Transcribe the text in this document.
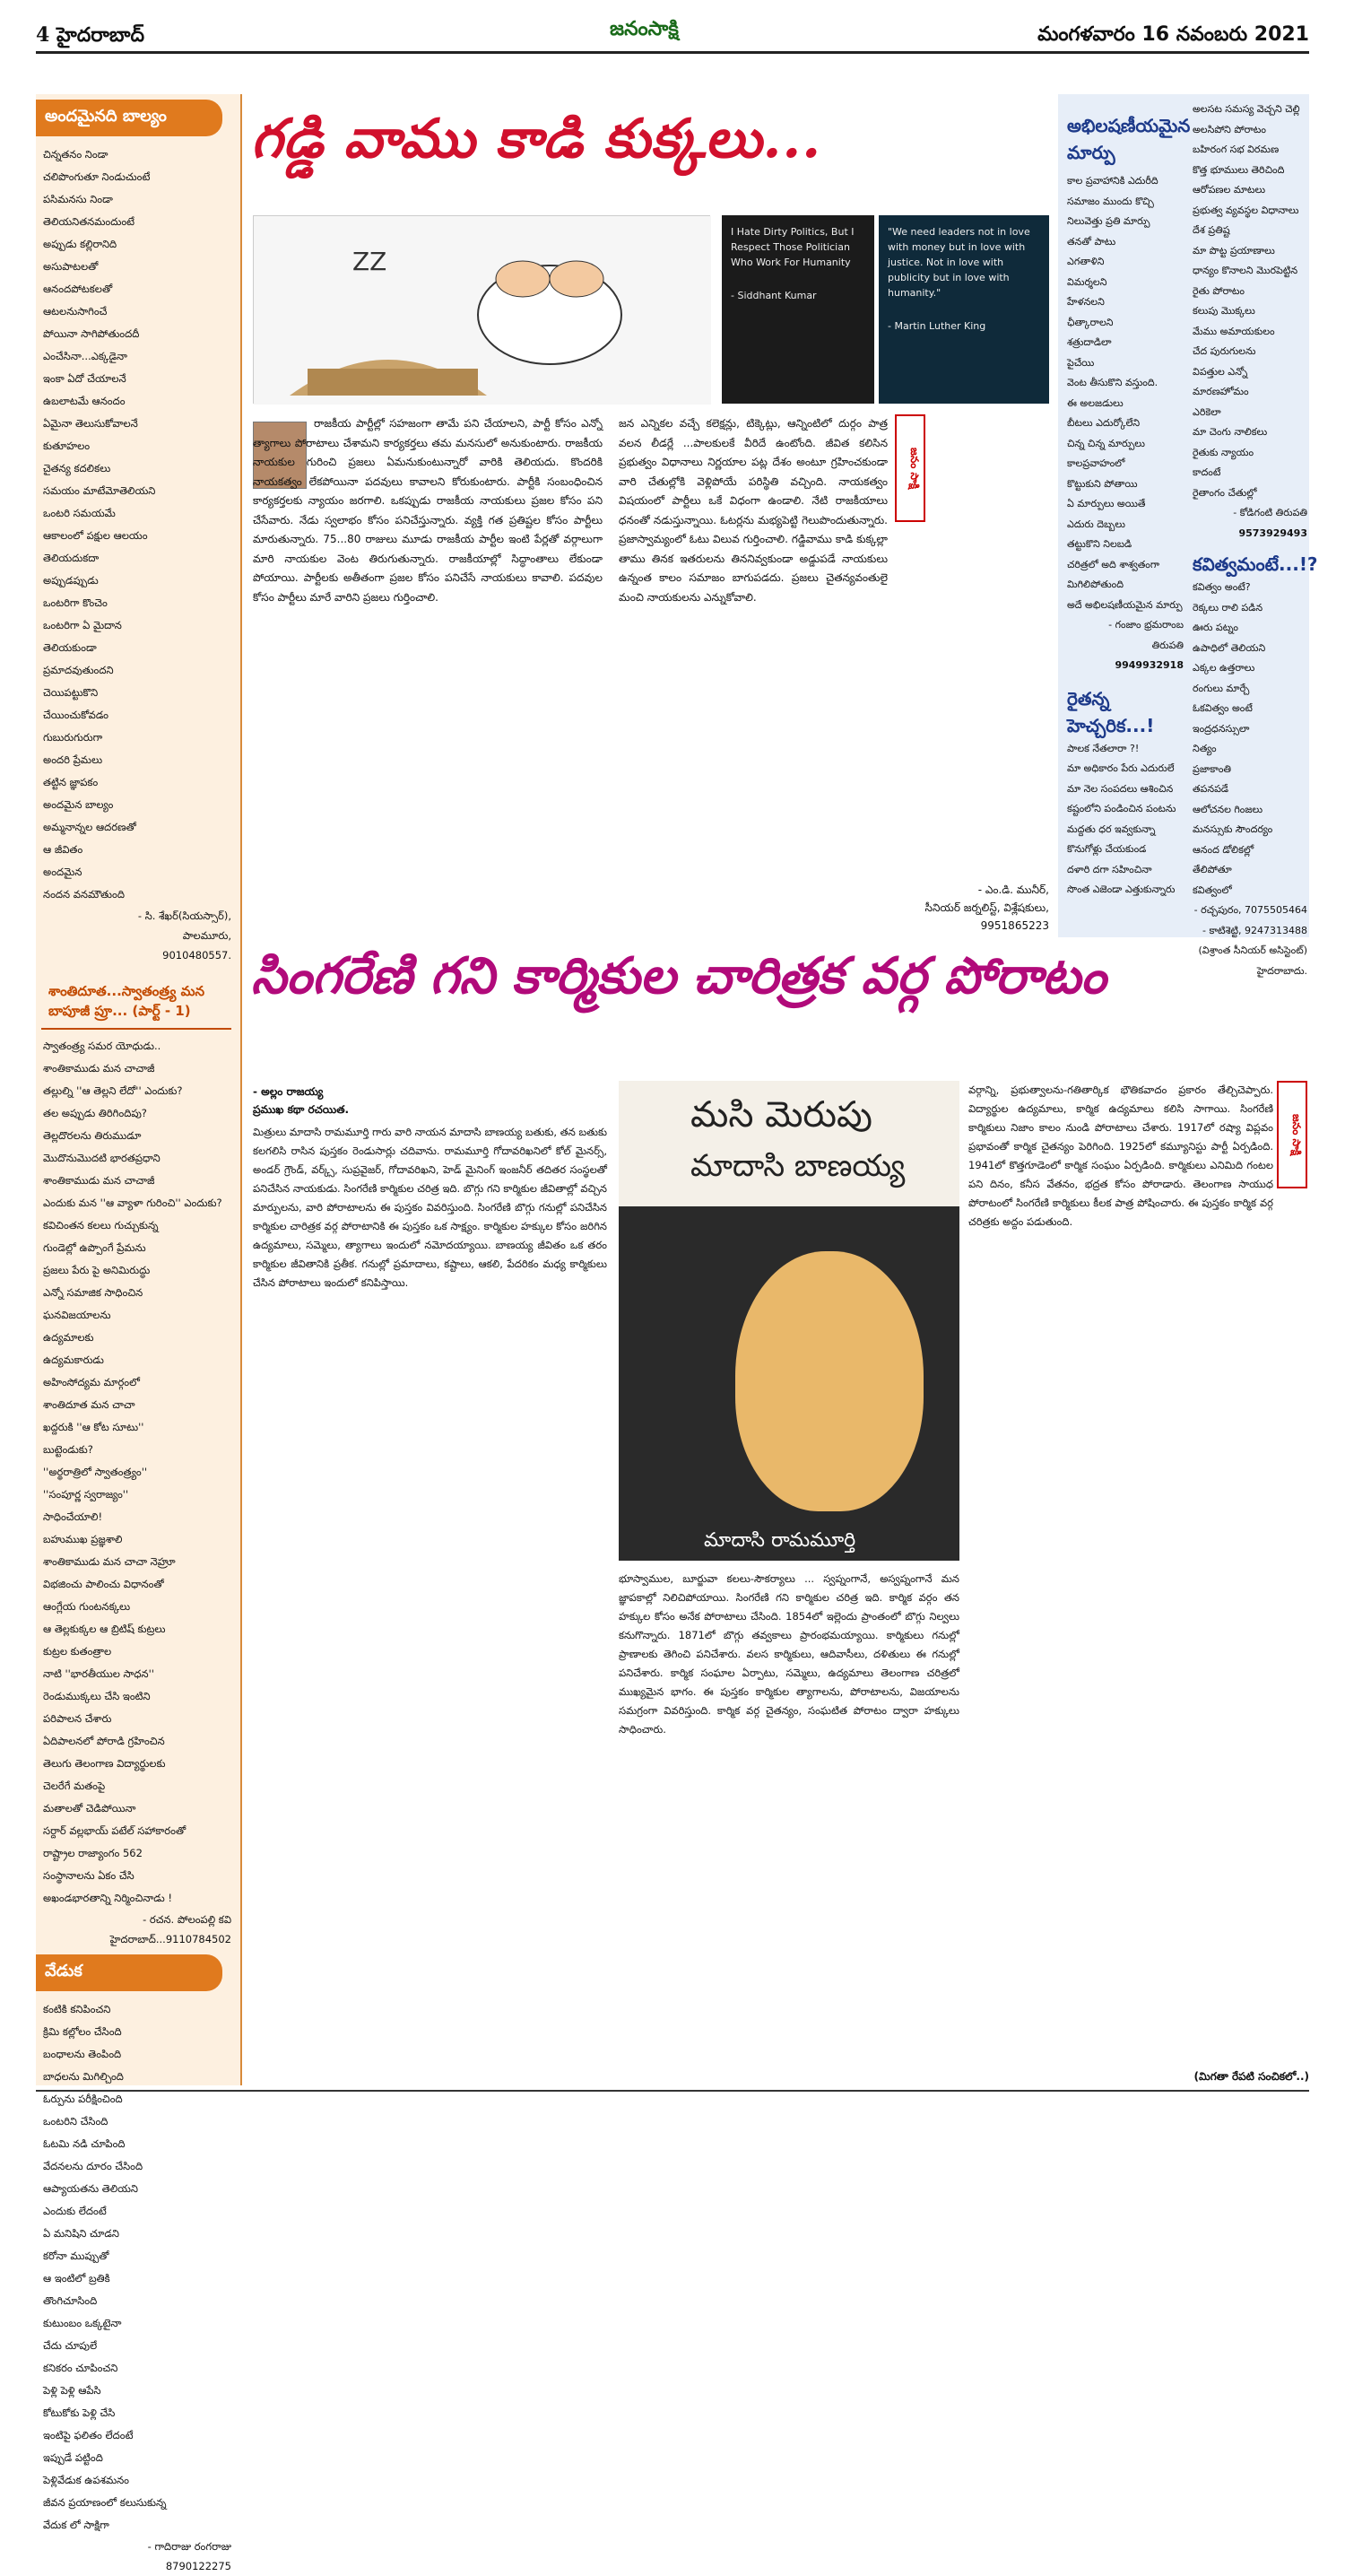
4 హైదరాబాద్	జనంసాక్షి	మంగళవారం 16 నవంబరు 2021
అందమైనది బాల్యం
చిన్నతనం నిండా
చలిపొంగుతూ నిండుచుంటే
పసిమనసు నిండా
తెలియనితనమందుంటే
అప్పుడు కల్లిరానిది
అసుపాటలతో
ఆనందపోటకలతో
ఆటలనుసాగించే
పోయినా సాగిపోతుందదీ
ఎంచేసినా...ఎక్కడైనా
ఇంకా ఏదో చేయాలనే
ఉబలాటమే ఆనందం
ఏమైనా తెలుసుకోవాలనే
కుతూహలం
చైతన్య కదలికలు
సమయం మాటేమోతెలియని
ఒంటరి సమయమే
ఆకాలంలో పక్షుల ఆలయం
తెలియదుకదా
అప్పుడప్పుడు
ఒంటరిగా కొంచెం
ఒంటరిగా ఏ మైదాన
తెలియకుండా
ప్రమాదవుతుందని
చెయిపట్టుకొని
చేయించుకోవడం
గుబురుగురుగా
అందరి ప్రేమలు
తట్టిన జ్ఞాపకం
అందమైన బాల్యం
అమ్మనాన్నల ఆదరణతో
ఆ జీవితం
అందమైన
నందన వనమౌతుంది
- సి. శేఖర్(సియస్సార్),
పాలమూరు,
9010480557.
శాంతిదూత...స్వాతంత్ర్య మన బాపూజీ ప్రూ... (పార్ట్ - 1)
స్వాతంత్ర్య సమర యోధుడు..
శాంతికాముడు మన చాచాజీ
తల్లుల్ని ''ఆ తెల్లని లేదో'' ఎందుకు?
తల అప్పుడు తిరిగిందిపు?
తెల్లదొరలను తిరుముడూ
మొదొనుమొదటి భారతప్రధాని
శాంతికాముడు మన చాచాజీ
ఎందుకు మన ''ఆ వ్యాళా గురించి'' ఎందుకు?
కవిచింతన కలలు గుచ్చుకున్న
గుండెల్లో ఉప్పొంగే ప్రేమను
ప్రజలు పేరు పై అనిమిరుద్ధు
ఎన్నో సమాజిక సాధించిన
ఘనవిజయాలను
ఉద్యమాలకు
ఉద్యమకారుడు
అహింసోద్యమ మార్గంలో
శాంతిదూత మన చాచా
ఖద్దరుకి ''ఆ కోట సూటు''
బుట్టెండుకు?
''అర్థరాత్రిలో స్వాతంత్ర్యం''
''సంపూర్ణ స్వరాజ్యం''
సాధించేయాలి!
బహుముఖ ప్రజ్ఞశాలి
శాంతికాముడు మన చాచా నెహ్రూ
విభజించు పాలించు విధానంతో
ఆంగ్లేయ గుంటనక్కలు
ఆ తెల్లకుక్కల ఆ బ్రిటిష్ కుట్రలు
కుట్రల కుతంత్రాల
నాటి ''భారతీయుల సాధన''
రెండుముక్కలు చేసి ఇంటిని
పరిపాలన చేశారు
ఏదిపాలనలో పోరాడి గ్రహించిన
తెలుగు తెలంగాణ విద్యార్థులకు
చెలరేగే మతంపై
మతాలతో చెడిపోయినా
సర్దార్ వల్లభాయ్ పటేల్ సహాకారంతో
రాష్ట్రాల రాజ్యాంగం 562
సంస్థానాలను ఏకం చేసి
అఖండభారతాన్ని నిర్మించినాడు !
- రచన. పోలంపల్లి కవి
హైదరాబాద్...9110784502
వేడుక
కంటికి కనిపించని
క్రిమి కల్లోలం చేసింది
బంధాలను తెంపింది
బాధలను మిగిల్చింది
ఓర్పును పరీక్షించింది
ఒంటరిని చేసింది
ఓటమి నడి చూపింది
వేదనలను దూరం చేసింది
ఆప్యాయతను తెలియని
ఎందుకు లేదంటే
ఏ మనిషిని చూడని
కరోనా ముప్పుతో
ఆ ఇంటిలో బ్రతికి
తొంగిచూసింది
కుటుంబం ఒక్కటైనా
చేదు చూపులే
కనికరం చూపించని
పెళ్లి పెళ్లి ఆపేసి
కోటుకోకు పెళ్లి చేసి
ఇంటిపై ఫలితం లేదంటే
ఇప్పుడే పట్టింది
పెళ్లివేడుక ఉపశమనం
జీవన ప్రయాణంలో కలుసుకున్న
వేదుక లో సాక్షిగా
- గాదిరాజు రంగరాజు
8790122275
గడ్డి వాము కాడి కుక్కలు...
ZZ
I Hate Dirty Politics, But I Respect Those Politician Who Work For Humanity
- Siddhant Kumar
"We need leaders not in love with money but in love with justice. Not in love with publicity but in love with humanity."
- Martin Luther King
రాజకీయ పార్టీల్లో సహజంగా తామే పని చేయాలని, పార్టీ కోసం ఎన్నో త్యాగాలు పోరాటాలు చేశామని కార్యకర్తలు తమ మనసులో అనుకుంటారు. రాజకీయ నాయకుల గురించి ప్రజలు ఏమనుకుంటున్నారో వారికి తెలియదు. కొందరికి నాయకత్వం లేకపోయినా పదవులు కావాలని కోరుకుంటారు. పార్టీకి సంబంధించిన కార్యకర్తలకు న్యాయం జరగాలి. ఒకప్పుడు రాజకీయ నాయకులు ప్రజల కోసం పని చేసేవారు. నేడు స్వలాభం కోసం పనిచేస్తున్నారు. వ్యక్తి గత ప్రతిష్టల కోసం పార్టీలు మారుతున్నారు. 75...80 రాజులు మూడు రాజకీయ పార్టీల ఇంటి పేర్లతో వర్గాలుగా మారి నాయకుల వెంట తిరుగుతున్నారు. రాజకీయాల్లో సిద్ధాంతాలు లేకుండా పోయాయి. పార్టీలకు అతీతంగా ప్రజల కోసం పనిచేసే నాయకులు కావాలి. పదవుల కోసం పార్టీలు మారే వారిని ప్రజలు గుర్తించాలి.
జన ఎన్నికల వచ్చే కలెక్షన్లు, టిక్కెట్లు, ఆన్నింటిలో దుర్గం పాత్ర వలన లీడర్లే ...పాలకులకే వీరిదే ఉంటోంది. జీవిత కలిసిన ప్రభుత్వం విధానాలు నిర్ణయాల పట్ల దేశం అంటూ గ్రహించకుండా వారి చేతుల్లోకి వెళ్లిపోయే పరిస్థితి వచ్చింది. నాయకత్వం విషయంలో పార్టీలు ఒకే విధంగా ఉండాలి. నేటి రాజకీయాలు ధనంతో నడుస్తున్నాయి. ఓటర్లను మభ్యపెట్టి గెలుపొందుతున్నారు. ప్రజాస్వామ్యంలో ఓటు విలువ గుర్తించాలి. గడ్డివాము కాడి కుక్కల్లా తాము తినక ఇతరులను తిననివ్వకుండా అడ్డుపడే నాయకులు ఉన్నంత కాలం సమాజం బాగుపడదు. ప్రజలు చైతన్యవంతులై మంచి నాయకులను ఎన్నుకోవాలి.
జనం సాక్షి
- ఎం.డి. మునీర్,
సీనియర్ జర్నలిస్ట్, విశ్లేషకులు,
9951865223
అభిలషణీయమైన మార్పు
కాల ప్రవాహానికి ఎదురీది
సమాజం ముందు కొచ్చి
నిలువెత్తు ప్రతి మార్పు
తనతో పాటు
ఎగతాళిని
విమర్శలని
హేళనలని
ఛీత్కారాలని
శత్రుదాడిలా
పైచేయి
వెంట తీసుకొని వస్తుంది.
ఈ అలజడులు
బీటలు ఎదుర్కోలేని
చిన్న చిన్న మార్పులు
కాలప్రవాహంలో
కొట్టుకుని పోతాయి
ఏ మార్పులు అయితే
ఎదురు దెబ్బలు
తట్టుకొని నిలబడి
చరిత్రలో అది శాశ్వతంగా
మిగిలిపోతుంది
అదే అభిలషణీయమైన మార్పు
- గంజాం భ్రమరాంబ
తిరుపతి
9949932918
రైతన్న హెచ్చరిక...!
పాలక నేతలారా ?!
మా అధికారం పేరు ఎదురులే
మా నెల సంపదలు ఆశించిన
కష్టంలోని పండించిన పంటను
మద్దతు ధర ఇవ్వకున్నా
కొనుగోళ్లు చేయకుండ
దళారి దగా సహించినా
సొంత ఎజెండా ఎత్తుకున్నారు
అలసట సమస్య వెచ్చని చెల్లి
అలసిపోని పోరాటం
బహిరంగ సభ విరమణ
కొత్త భూములు తెరిచింది
ఆరోపణల మాటలు
ప్రభుత్వ వ్యవస్థల విధానాలు
దేశ ప్రతిష్ట
మా పొట్ట ప్రయాణాలు
ధాన్యం కొనాలని మొరపెట్టిన
రైతు పోరాటం
కలుపు మొక్కలు
మేము అమాయకులం
చేద పురుగులను
విపత్తుల ఎన్నో
మారణహోమం
ఎరికెలా
మా చెంగు నాలికలు
రైతుకు న్యాయం
కాదంటే
రైతాంగం చేతుల్లో
- కోడిగంటి తిరుపతి
9573929493
కవిత్వమంటే...!?
కవిత్వం అంటే?
రెక్కలు రాలి పడిన
ఊరు పట్నం
ఉపాధిలో తెలియని
ఎక్కల ఉత్తరాలు
రంగులు మార్చే
ఓకవిత్వం అంటే
ఇంద్రధనస్సులా
నిత్యం
ప్రజాకాంతి
తపనపడే
ఆలోచనల గింజలు
మనస్సుకు సౌందర్యం
ఆనంద డోలికల్లో
తేలిపోతూ
కవిత్వంలో
- రచ్చపురం, 7075505464
- కాటిశెట్టి, 9247313488
(విశ్రాంత సీనియర్ అసిస్టెంట్)
హైదరాబాదు.
సింగరేణి గని కార్మికుల చారిత్రక వర్గ పోరాటం
- అల్లం రాజయ్య
ప్రముఖ కథా రచయిత.
మిత్రులు మాదాసి రామమూర్తి గారు వారి నాయన మాదాసి బాణయ్య బతుకు, తన బతుకు కలగలిసి రాసిన పుస్తకం రెండుసార్లు చదివాను. రామమూర్తి గోదావరిఖనిలో కోల్ మైనర్స్, అండర్ గ్రౌండ్, వర్క్స్, సుప్రవైజర్, గోదావరిఖని, హెడ్ మైనింగ్ ఇంజనీర్ తదితర సంస్థలతో పనిచేసిన నాయకుడు. సింగరేణి కార్మికుల చరిత్ర ఇది. బొగ్గు గని కార్మికుల జీవితాల్లో వచ్చిన మార్పులను, వారి పోరాటాలను ఈ పుస్తకం వివరిస్తుంది. సింగరేణి బొగ్గు గనుల్లో పనిచేసిన కార్మికుల చారిత్రక వర్గ పోరాటానికి ఈ పుస్తకం ఒక సాక్ష్యం. కార్మికుల హక్కుల కోసం జరిగిన ఉద్యమాలు, సమ్మెలు, త్యాగాలు ఇందులో నమోదయ్యాయి. బాణయ్య జీవితం ఒక తరం కార్మికుల జీవితానికి ప్రతీక. గనుల్లో ప్రమాదాలు, కష్టాలు, ఆకలి, పేదరికం మధ్య కార్మికులు చేసిన పోరాటాలు ఇందులో కనిపిస్తాయి.
మసి మెరుపు
మాదాసి బాణయ్య
మాదాసి రామమూర్తి
భూస్వాముల, బూర్జువా కలలు-సౌకర్యాలు ... స్వప్నంగానే, అస్వప్నంగానే మన జ్ఞాపకాల్లో నిలిచిపోయాయి. సింగరేణి గని కార్మికుల చరిత్ర ఇది. కార్మిక వర్గం తన హక్కుల కోసం అనేక పోరాటాలు చేసింది. 1854లో ఇల్లెందు ప్రాంతంలో బొగ్గు నిల్వలు కనుగొన్నారు. 1871లో బొగ్గు తవ్వకాలు ప్రారంభమయ్యాయి. కార్మికులు గనుల్లో ప్రాణాలకు తెగించి పనిచేశారు. వలస కార్మికులు, ఆదివాసీలు, దళితులు ఈ గనుల్లో పనిచేశారు. కార్మిక సంఘాల ఏర్పాటు, సమ్మెలు, ఉద్యమాలు తెలంగాణ చరిత్రలో ముఖ్యమైన భాగం. ఈ పుస్తకం కార్మికుల త్యాగాలను, పోరాటాలను, విజయాలను సమగ్రంగా వివరిస్తుంది. కార్మిక వర్గ చైతన్యం, సంఘటిత పోరాటం ద్వారా హక్కులు సాధించారు.
వర్గాన్ని, ప్రభుత్వాలను-గతితార్కిక భౌతికవాదం ప్రకారం తేల్చిచెప్పారు. విద్యార్థుల ఉద్యమాలు, కార్మిక ఉద్యమాలు కలిసి సాగాయి. సింగరేణి కార్మికులు నిజాం కాలం నుండి పోరాటాలు చేశారు. 1917లో రష్యా విప్లవం ప్రభావంతో కార్మిక చైతన్యం పెరిగింది. 1925లో కమ్యూనిస్టు పార్టీ ఏర్పడింది. 1941లో కొత్తగూడెంలో కార్మిక సంఘం ఏర్పడింది. కార్మికులు ఎనిమిది గంటల పని దినం, కనీస వేతనం, భద్రత కోసం పోరాడారు. తెలంగాణ సాయుధ పోరాటంలో సింగరేణి కార్మికులు కీలక పాత్ర పోషించారు. ఈ పుస్తకం కార్మిక వర్గ చరిత్రకు అద్దం పడుతుంది.
జనం సాక్షి
(మిగతా రేపటి సంచికలో..)
